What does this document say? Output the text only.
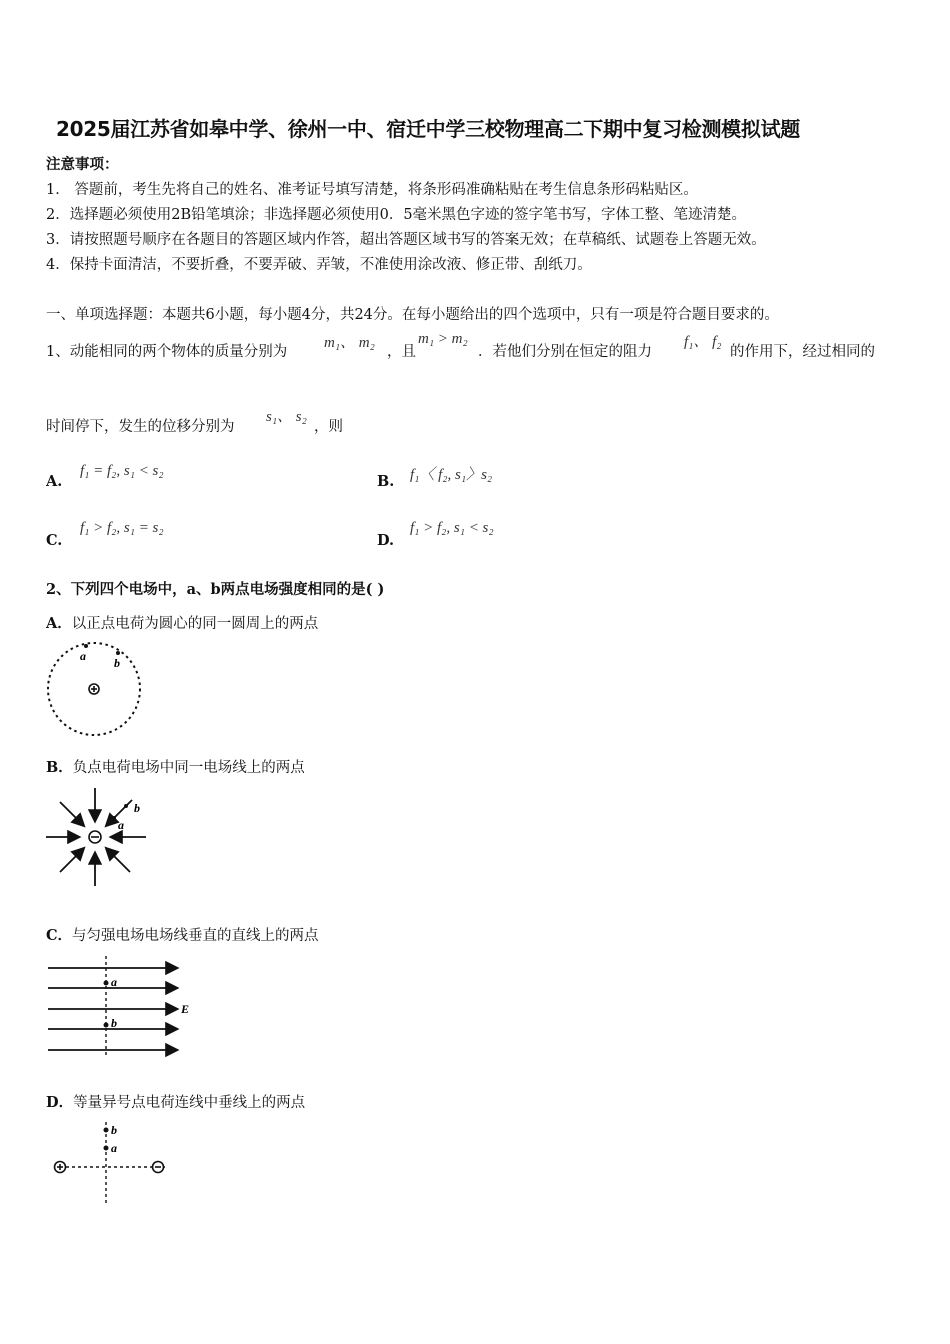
2025届江苏省如皋中学、徐州一中、宿迁中学三校物理高二下期中复习检测模拟试题
注意事项：
1． 答题前，考生先将自己的姓名、准考证号填写清楚，将条形码准确粘贴在考生信息条形码粘贴区。
2．选择题必须使用2B铅笔填涂；非选择题必须使用0．5毫米黑色字迹的签字笔书写，字体工整、笔迹清楚。
3．请按照题号顺序在各题目的答题区域内作答，超出答题区域书写的答案无效；在草稿纸、试题卷上答题无效。
4．保持卡面清洁，不要折叠，不要弄破、弄皱，不准使用涂改液、修正带、刮纸刀。
一、单项选择题：本题共6小题，每小题4分，共24分。在每小题给出的四个选项中，只有一项是符合题目要求的。
1、动能相同的两个物体的质量分别为
m₁、 m₂
，且
m₁ > m₂
．若他们分别在恒定的阻力
f₁、 f₂
的作用下，经过相同的
时间停下，发生的位移分别为
s₁、 s₂
，则
A.
f₁ = f₂, s₁ < s₂
B. f₁〈 f₂, s₁〉s₂
C.
f₁ > f₂, s₁ = s₂
D.
f₁ > f₂, s₁ < s₂
2、下列四个电场中，a、b两点电场强度相同的是( )
A．以正点电荷为圆心的同一圆周上的两点
a b
B．负点电荷电场中同一电场线上的两点
b
a
C．与匀强电场电场线垂直的直线上的两点
a
b
E
D．等量异号点电荷连线中垂线上的两点
b
a
